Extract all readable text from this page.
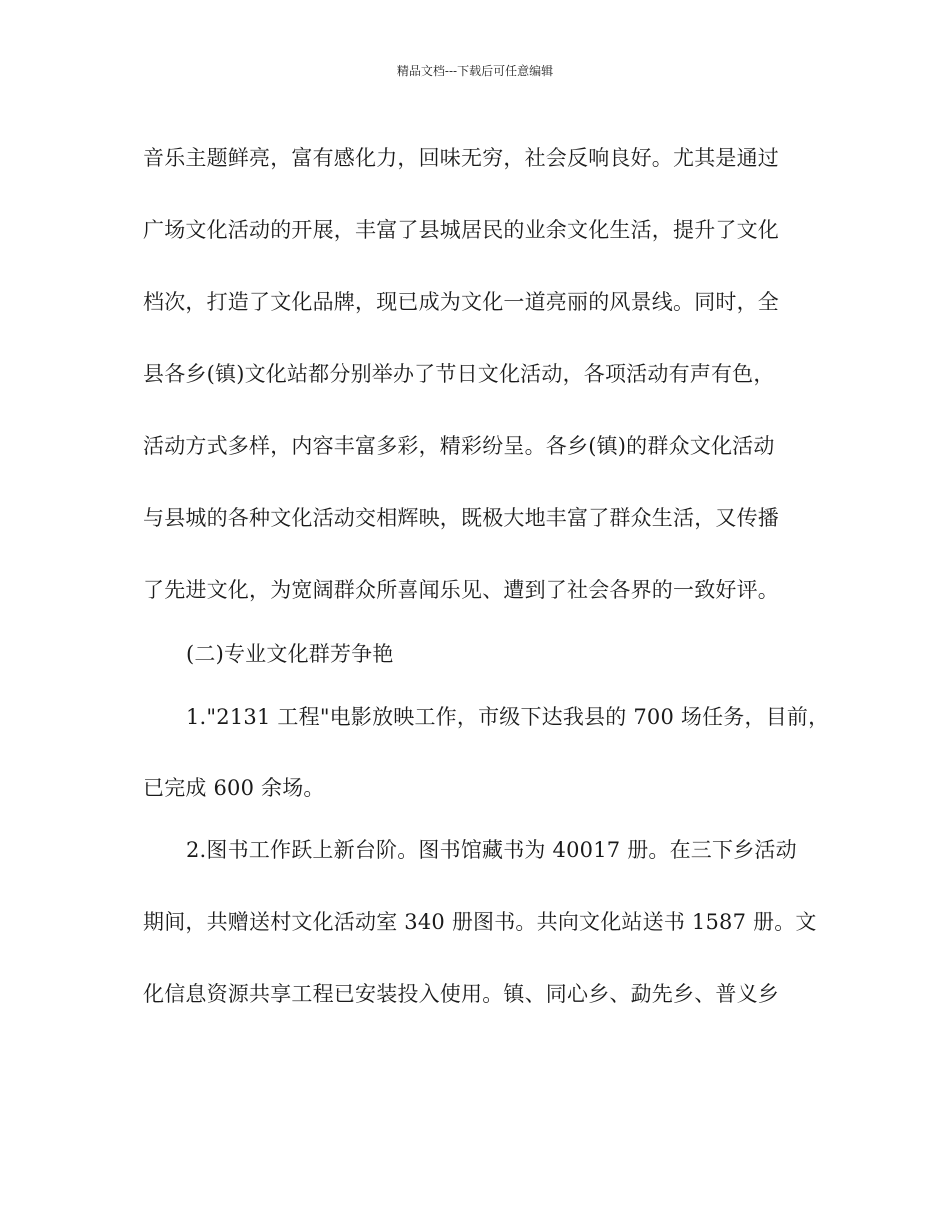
精品文档---下载后可任意编辑
音乐主题鲜亮，富有感化力，回味无穷，社会反响良好。尤其是通过
广场文化活动的开展，丰富了县城居民的业余文化生活，提升了文化
档次，打造了文化品牌，现已成为文化一道亮丽的风景线。同时，全
县各乡(镇)文化站都分别举办了节日文化活动，各项活动有声有色，
活动方式多样，内容丰富多彩，精彩纷呈。各乡(镇)的群众文化活动
与县城的各种文化活动交相辉映，既极大地丰富了群众生活，又传播
了先进文化，为宽阔群众所喜闻乐见、遭到了社会各界的一致好评。
(二)专业文化群芳争艳
1."2131 工程"电影放映工作，市级下达我县的 700 场任务，目前，
已完成 600 余场。
2.图书工作跃上新台阶。图书馆藏书为 40017 册。在三下乡活动
期间，共赠送村文化活动室 340 册图书。共向文化站送书 1587 册。文
化信息资源共享工程已安装投入使用。镇、同心乡、勐先乡、普义乡
